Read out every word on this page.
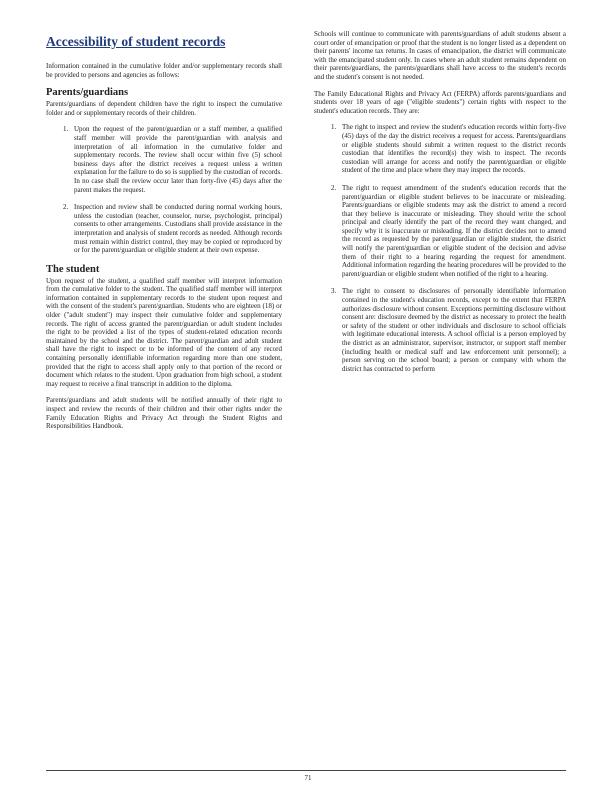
Accessibility of student records

Information contained in the cumulative folder and/or supplementary records shall be provided to persons and agencies as follows:

Parents/guardians

Parents/guardians of dependent children have the right to inspect the cumulative folder and or supplementary records of their children.

1. Upon the request of the parent/guardian or a staff member, a qualified staff member will provide the parent/guardian with analysis and interpretation of all information in the cumulative folder and supplementary records. The review shall occur within five (5) school business days after the district receives a request unless a written explanation for the failure to do so is supplied by the custodian of records. In no case shall the review occur later than forty-five (45) days after the parent makes the request.
2. Inspection and review shall be conducted during normal working hours, unless the custodian (teacher, counselor, nurse, psychologist, principal) consents to other arrangements. Custodians shall provide assistance in the interpretation and analysis of student records as needed. Although records must remain within district control, they may be copied or reproduced by or for the parent/guardian or eligible student at their own expense.
The student

Upon request of the student, a qualified staff member will interpret information from the cumulative folder to the student. The qualified staff member will interpret information contained in supplementary records to the student upon request and with the consent of the student's parent/guardian. Students who are eighteen (18) or older ("adult student") may inspect their cumulative folder and supplementary records. The right of access granted the parent/guardian or adult student includes the right to be provided a list of the types of student-related education records maintained by the school and the district. The parent/guardian and adult student shall have the right to inspect or to be informed of the content of any record containing personally identifiable information regarding more than one student, provided that the right to access shall apply only to that portion of the record or document which relates to the student. Upon graduation from high school, a student may request to receive a final transcript in addition to the diploma.

Parents/guardians and adult students will be notified annually of their right to inspect and review the records of their children and their other rights under the Family Education Rights and Privacy Act through the Student Rights and Responsibilities Handbook.

Schools will continue to communicate with parents/guardians of adult students absent a court order of emancipation or proof that the student is no longer listed as a dependent on their parents' income tax returns. In cases of emancipation, the district will communicate with the emancipated student only. In cases where an adult student remains dependent on their parents/guardians, the parents/guardians shall have access to the student's records and the student's consent is not needed.

The Family Educational Rights and Privacy Act (FERPA) affords parents/guardians and students over 18 years of age ("eligible students") certain rights with respect to the student's education records. They are:

1. The right to inspect and review the student's education records within forty-five (45) days of the day the district receives a request for access. Parents/guardians or eligible students should submit a written request to the district records custodian that identifies the record(s) they wish to inspect. The records custodian will arrange for access and notify the parent/guardian or eligible student of the time and place where they may inspect the records.
2. The right to request amendment of the student's education records that the parent/guardian or eligible student believes to be inaccurate or misleading. Parents/guardians or eligible students may ask the district to amend a record that they believe is inaccurate or misleading. They should write the school principal and clearly identify the part of the record they want changed, and specify why it is inaccurate or misleading. If the district decides not to amend the record as requested by the parent/guardian or eligible student, the district will notify the parent/guardian or eligible student of the decision and advise them of their right to a hearing regarding the request for amendment. Additional information regarding the hearing procedures will be provided to the parent/guardian or eligible student when notified of the right to a hearing.
3. The right to consent to disclosures of personally identifiable information contained in the student's education records, except to the extent that FERPA authorizes disclosure without consent. Exceptions permitting disclosure without consent are: disclosure deemed by the district as necessary to protect the health or safety of the student or other individuals and disclosure to school officials with legitimate educational interests. A school official is a person employed by the district as an administrator, supervisor, instructor, or support staff member (including health or medical staff and law enforcement unit personnel); a person serving on the school board; a person or company with whom the district has contracted to perform
71
